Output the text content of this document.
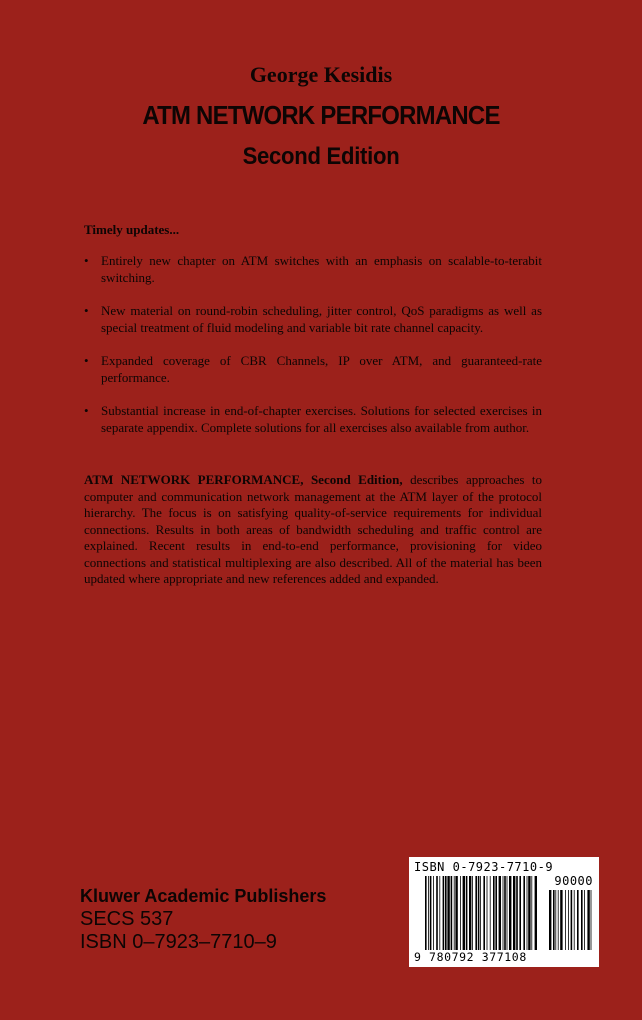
George Kesidis
ATM NETWORK PERFORMANCE
Second Edition
Timely updates...
• Entirely new chapter on ATM switches with an emphasis on scalable-to-terabit switching.
• New material on round-robin scheduling, jitter control, QoS paradigms as well as special treatment of fluid modeling and variable bit rate channel capacity.
• Expanded coverage of CBR Channels, IP over ATM, and guaranteed-rate performance.
• Substantial increase in end-of-chapter exercises. Solutions for selected exercises in separate appendix. Complete solutions for all exercises also available from author.

ATM NETWORK PERFORMANCE, Second Edition, describes approaches to computer and communication network management at the ATM layer of the protocol hierarchy. The focus is on satisfying quality-of-service requirements for individual connections. Results in both areas of bandwidth scheduling and traffic control are explained. Recent results in end-to-end performance, provisioning for video connections and statistical multiplexing are also described. All of the material has been updated where appropriate and new references added and expanded.

Kluwer Academic Publishers
SECS 537
ISBN 0–7923–7710–9
ISBN 0-7923-7710-9
90000
9 780792 377108
